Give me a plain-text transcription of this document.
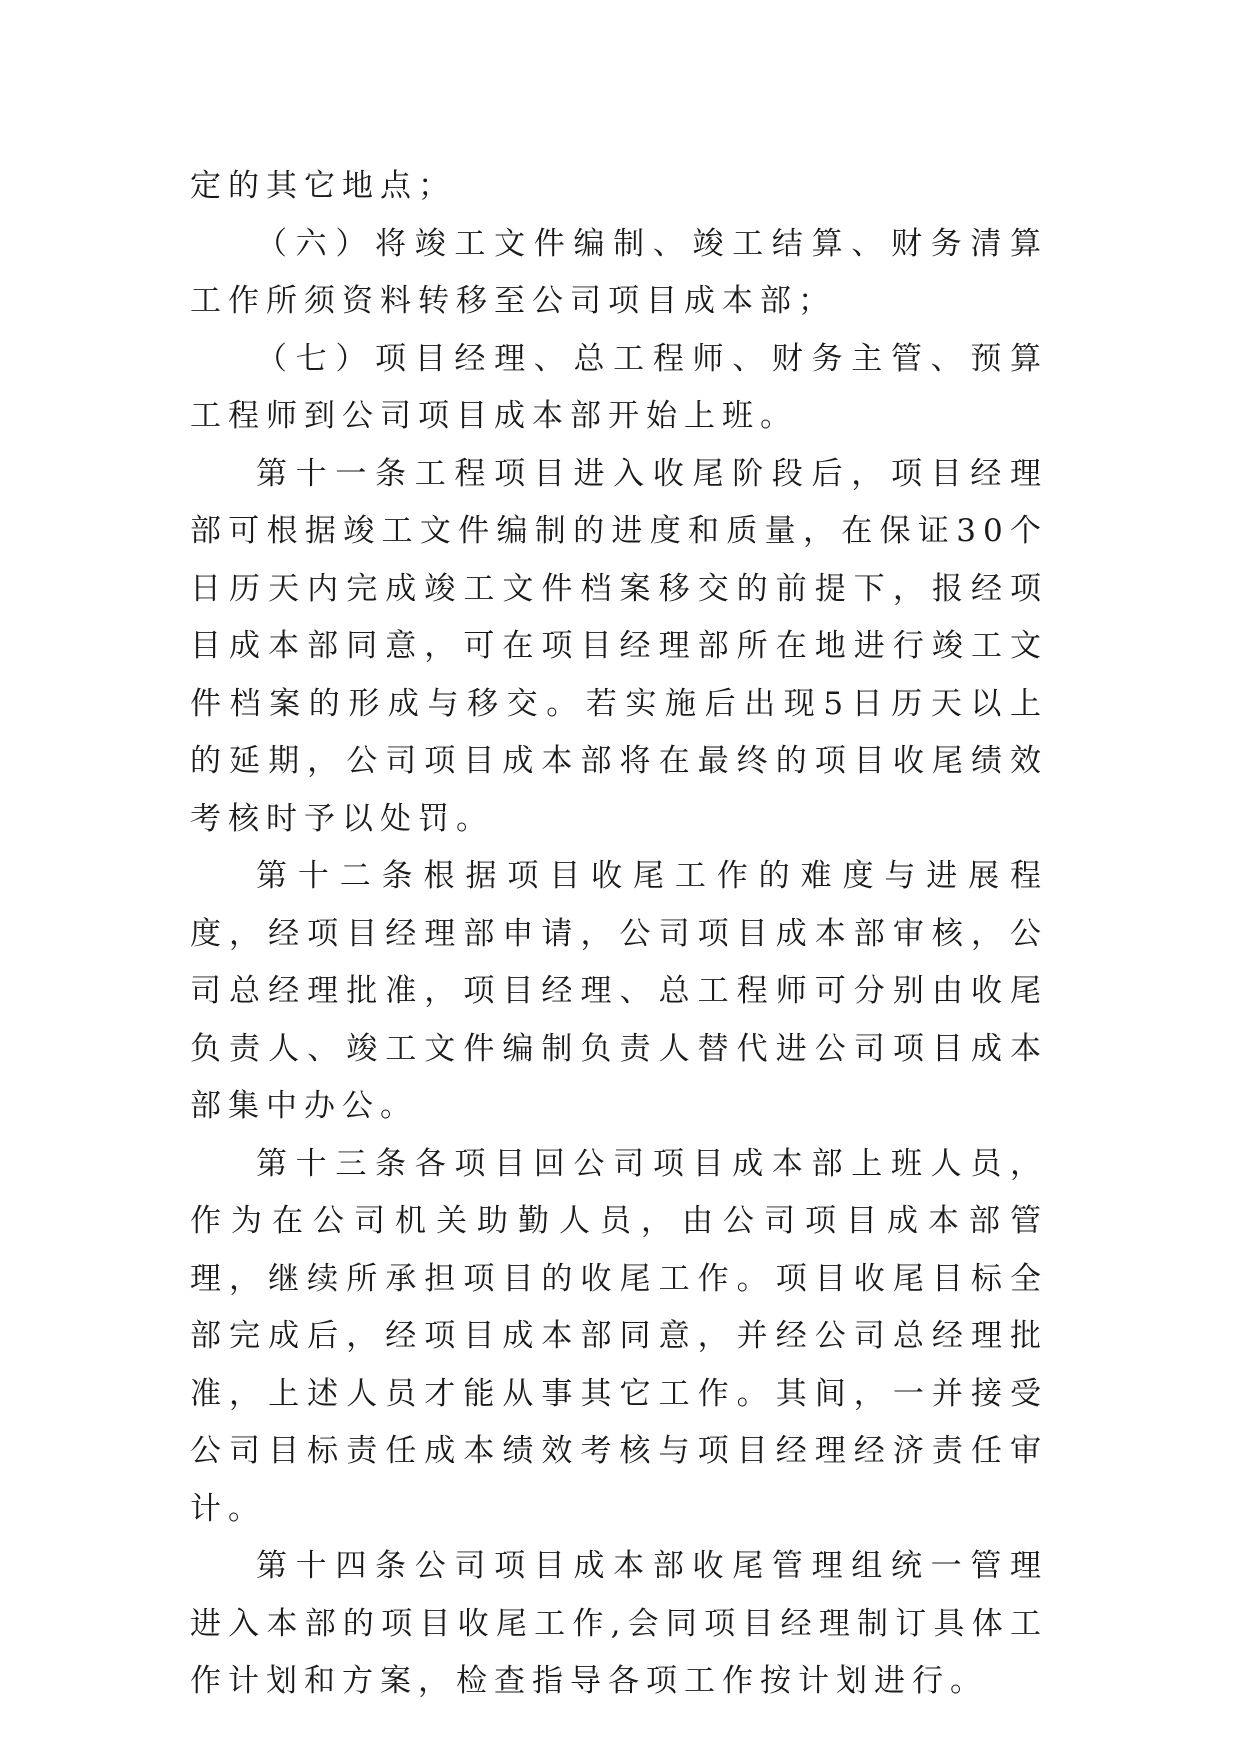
定的其它地点；

（六）将竣工文件编制、竣工结算、财务清算工作所须资料转移至公司项目成本部；

（七）项目经理、总工程师、财务主管、预算工程师到公司项目成本部开始上班。

第十一条工程项目进入收尾阶段后，项目经理部可根据竣工文件编制的进度和质量，在保证30个日历天内完成竣工文件档案移交的前提下，报经项目成本部同意，可在项目经理部所在地进行竣工文件档案的形成与移交。若实施后出现5日历天以上的延期，公司项目成本部将在最终的项目收尾绩效考核时予以处罚。

第十二条根据项目收尾工作的难度与进展程度，经项目经理部申请，公司项目成本部审核，公司总经理批准，项目经理、总工程师可分别由收尾负责人、竣工文件编制负责人替代进公司项目成本部集中办公。

第十三条各项目回公司项目成本部上班人员，作为在公司机关助勤人员，由公司项目成本部管理，继续所承担项目的收尾工作。项目收尾目标全部完成后，经项目成本部同意，并经公司总经理批准，上述人员才能从事其它工作。其间，一并接受公司目标责任成本绩效考核与项目经理经济责任审计。

第十四条公司项目成本部收尾管理组统一管理进入本部的项目收尾工作,会同项目经理制订具体工作计划和方案，检查指导各项工作按计划进行。
